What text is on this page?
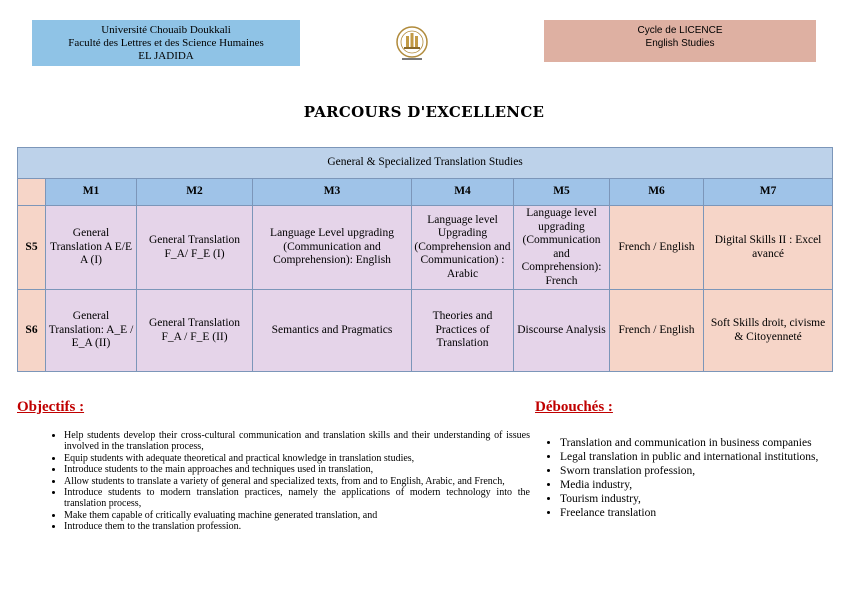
Université Chouaib Doukkali
Faculté des Lettres et des Science Humaines
EL JADIDA
Cycle de LICENCE
English Studies
PARCOURS D'EXCELLENCE
General & Specialized Translation Studies							
	M1	M2	M3	M4	M5	M6	M7
S5	General Translation A E/E A (I)	General Translation F_A/ F_E (I)	Language Level upgrading (Communication and Comprehension): English	Language level Upgrading (Comprehension and Communication) : Arabic	Language level upgrading (Communication and Comprehension): French	French / English	Digital Skills II : Excel avancé
S6	General Translation: A_E / E_A (II)	General Translation F_A / F_E (II)	Semantics and Pragmatics	Theories and Practices of Translation	Discourse Analysis	French / English	Soft Skills droit, civisme & Citoyenneté
Objectifs :
• Help students develop their cross-cultural communication and translation skills and their understanding of issues involved in the translation process,
• Equip students with adequate theoretical and practical knowledge in translation studies,
• Introduce students to the main approaches and techniques used in translation,
• Allow students to translate a variety of general and specialized texts, from and to English, Arabic, and French,
• Introduce students to modern translation practices, namely the applications of modern technology into the translation process,
• Make them capable of critically evaluating machine generated translation, and
• Introduce them to the translation profession.
Débouchés :
• Translation and communication in business companies
• Legal translation in public and international institutions,
• Sworn translation profession,
• Media industry,
• Tourism industry,
• Freelance translation
